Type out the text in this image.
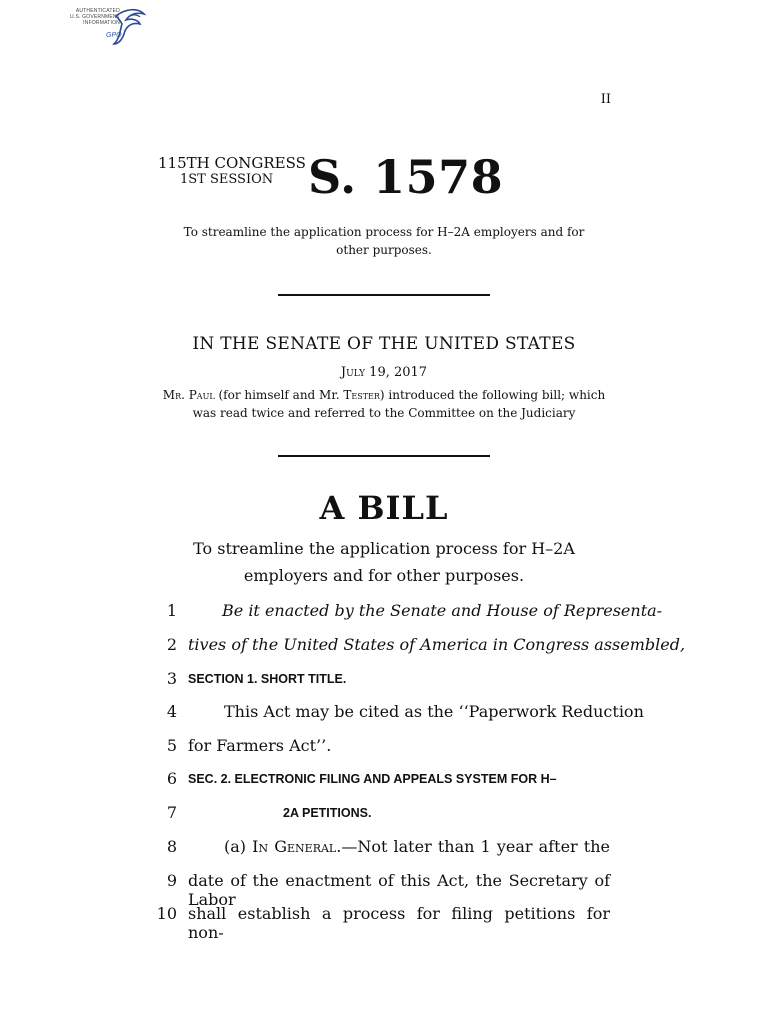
AUTHENTICATED
U.S. GOVERNMENT
INFORMATION
GPO
II
115TH CONGRESS
1ST SESSION S. 1578
To streamline the application process for H–2A employers and for other purposes.
IN THE SENATE OF THE UNITED STATES
July 19, 2017
Mr. Paul (for himself and Mr. Tester) introduced the following bill; which was read twice and referred to the Committee on the Judiciary
A BILL
To streamline the application process for H–2A employers and for other purposes.
1	Be it enacted by the Senate and House of Representa-
2 tives of the United States of America in Congress assembled,
3 SECTION 1. SHORT TITLE.
4	This Act may be cited as the ‘‘Paperwork Reduction
5 for Farmers Act’’.
6 SEC. 2. ELECTRONIC FILING AND APPEALS SYSTEM FOR H–
7	2A PETITIONS.
8	(a) In General.—Not later than 1 year after the
9 date of the enactment of this Act, the Secretary of Labor
10 shall establish a process for filing petitions for non-
